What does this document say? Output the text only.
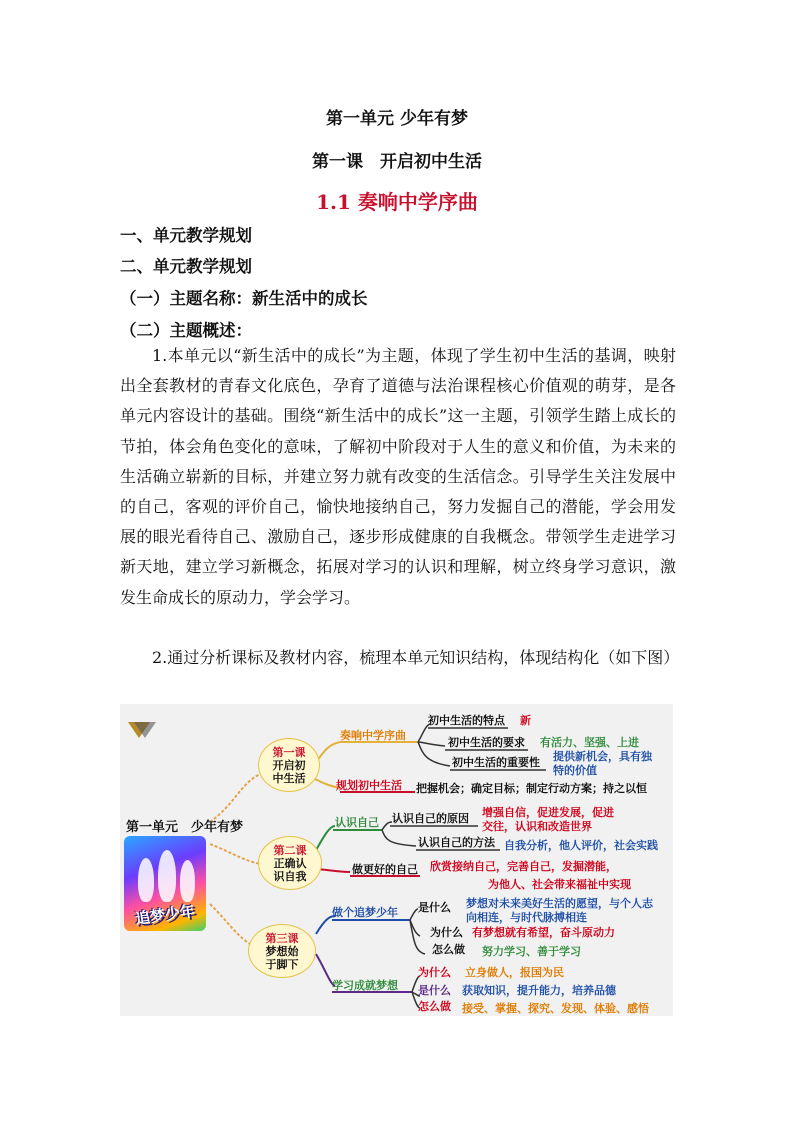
第一单元 少年有梦
第一课　开启初中生活
1.1 奏响中学序曲
一、单元教学规划
二、单元教学规划
（一）主题名称：新生活中的成长
（二）主题概述：

1.本单元以“新生活中的成长”为主题，体现了学生初中生活的基调，映射出全套教材的青春文化底色，孕育了道德与法治课程核心价值观的萌芽，是各单元内容设计的基础。围绕“新生活中的成长”这一主题，引领学生踏上成长的节拍，体会角色变化的意味，了解初中阶段对于人生的意义和价值，为未来的生活确立崭新的目标，并建立努力就有改变的生活信念。引导学生关注发展中的自己，客观的评价自己，愉快地接纳自己，努力发掘自己的潜能，学会用发展的眼光看待自己、激励自己，逐步形成健康的自我概念。带领学生走进学习新天地，建立学习新概念，拓展对学习的认识和理解，树立终身学习意识，激发生命成长的原动力，学会学习。

2.通过分析课标及教材内容，梳理本单元知识结构，体现结构化（如下图）

第一单元　少年有梦
追梦少年
第一课
开启初
中生活
第二课
正确认
识自我
第三课
梦想始
于脚下
奏响中学序曲
初中生活的特点 新
初中生活的要求 有活力、坚强、上进
初中生活的重要性 提供新机会，具有独
特的价值
规划初中生活 把握机会；确定目标；制定行动方案；持之以恒
认识自己 认识自己的原因 增强自信，促进发展，促进
交往，认识和改造世界
认识自己的方法 自我分析，他人评价，社会实践
做更好的自己 欣赏接纳自己，完善自己，发掘潜能，
为他人、社会带来福祉中实现
做个追梦少年 是什么 梦想对未来美好生活的愿望，与个人志
向相连，与时代脉搏相连
为什么 有梦想就有希望，奋斗原动力
怎么做 努力学习、善于学习
学习成就梦想
为什么 立身做人，报国为民
是什么 获取知识，提升能力，培养品德
怎么做 接受、掌握、探究、发现、体验、感悟
